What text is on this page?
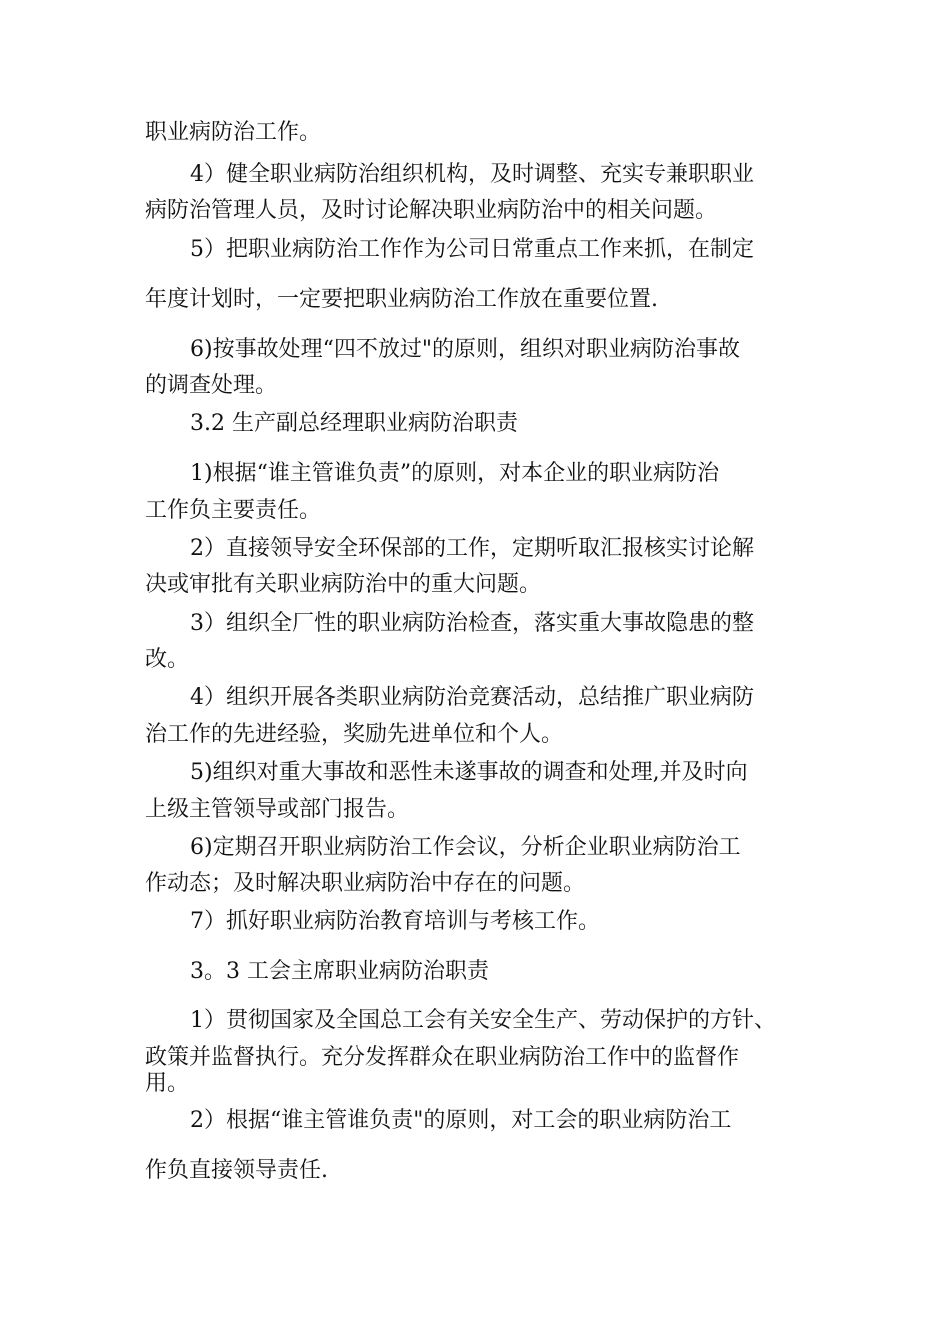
职业病防治工作。
4）健全职业病防治组织机构，及时调整、充实专兼职职业
病防治管理人员，及时讨论解决职业病防治中的相关问题。
5）把职业病防治工作作为公司日常重点工作来抓，在制定
年度计划时，一定要把职业病防治工作放在重要位置.
6)按事故处理“四不放过"的原则，组织对职业病防治事故
的调查处理。
3.2 生产副总经理职业病防治职责
1)根据“谁主管谁负责”的原则，对本企业的职业病防治
工作负主要责任。
2）直接领导安全环保部的工作，定期听取汇报核实讨论解
决或审批有关职业病防治中的重大问题。
3）组织全厂性的职业病防治检查，落实重大事故隐患的整
改。
4）组织开展各类职业病防治竞赛活动，总结推广职业病防
治工作的先进经验，奖励先进单位和个人。
5)组织对重大事故和恶性未遂事故的调查和处理,并及时向
上级主管领导或部门报告。
6)定期召开职业病防治工作会议，分析企业职业病防治工
作动态；及时解决职业病防治中存在的问题。
7）抓好职业病防治教育培训与考核工作。
3。3 工会主席职业病防治职责
1）贯彻国家及全国总工会有关安全生产、劳动保护的方针、
政策并监督执行。充分发挥群众在职业病防治工作中的监督作
用。
2）根据“谁主管谁负责"的原则，对工会的职业病防治工
作负直接领导责任.
